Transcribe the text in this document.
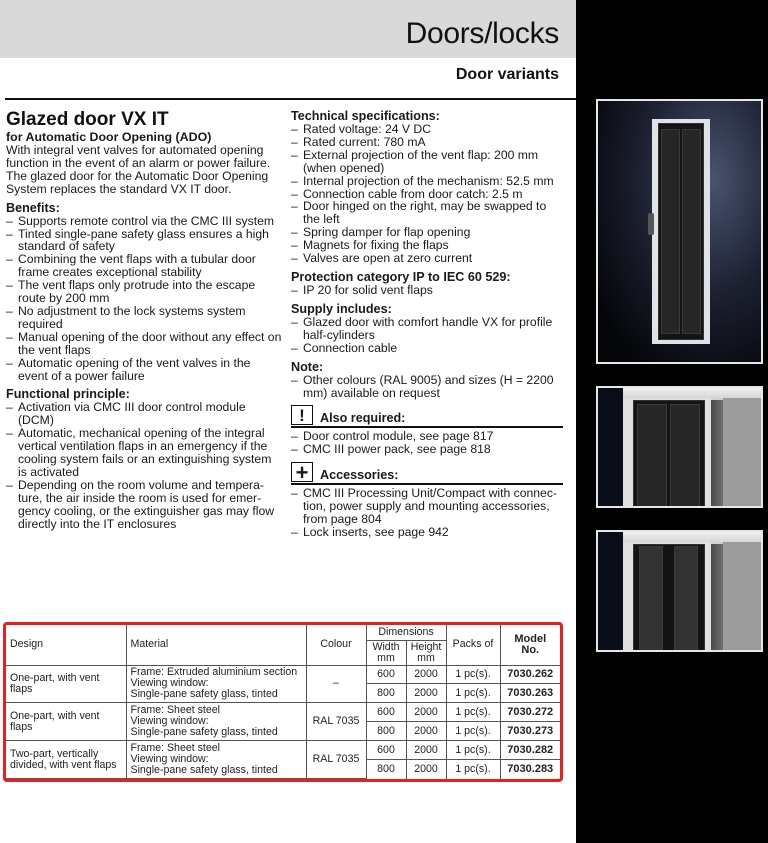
Doors/locks
Door variants
Glazed door VX IT
for Automatic Door Opening (ADO)
With integral vent valves for automated opening function in the event of an alarm or power failure. The glazed door for the Automatic Door Opening System replaces the standard VX IT door.
Benefits:
– Supports remote control via the CMC III system
– Tinted single-pane safety glass ensures a high standard of safety
– Combining the vent flaps with a tubular door frame creates exceptional stability
– The vent flaps only protrude into the escape route by 200 mm
– No adjustment to the lock systems system required
– Manual opening of the door without any effect on the vent flaps
– Automatic opening of the vent valves in the event of a power failure
Functional principle:
– Activation via CMC III door control module (DCM)
– Automatic, mechanical opening of the integral vertical ventilation flaps in an emergency if the cooling system fails or an extinguishing system is activated
– Depending on the room volume and tempera-ture, the air inside the room is used for emer-gency cooling, or the extinguisher gas may flow directly into the IT enclosures
Technical specifications:
– Rated voltage: 24 V DC
– Rated current: 780 mA
– External projection of the vent flap: 200 mm (when opened)
– Internal projection of the mechanism: 52.5 mm
– Connection cable from door catch: 2.5 m
– Door hinged on the right, may be swapped to the left
– Spring damper for flap opening
– Magnets for fixing the flaps
– Valves are open at zero current
Protection category IP to IEC 60 529:
– IP 20 for solid vent flaps
Supply includes:
– Glazed door with comfort handle VX for profile half-cylinders
– Connection cable
Note:
– Other colours (RAL 9005) and sizes (H = 2200 mm) available on request
!	Also required:
– Door control module, see page 817
– CMC III power pack, see page 818
+ Accessories:
– CMC III Processing Unit/Compact with connec-tion, power supply and mounting accessories, from page 804
– Lock inserts, see page 942
Design	Material	Colour	Dimensions		Packs of	Model No.
			Width mm	Height mm		
One-part, with vent flaps	Frame: Extruded aluminium section
Viewing window:
Single-pane safety glass, tinted	–	600	2000	1 pc(s).	7030.262
			800	2000	1 pc(s).	7030.263
One-part, with vent flaps	Frame: Sheet steel
Viewing window:
Single-pane safety glass, tinted	RAL 7035	600	2000	1 pc(s).	7030.272
			800	2000	1 pc(s).	7030.273
Two-part, vertically divided, with vent flaps	Frame: Sheet steel
Viewing window:
Single-pane safety glass, tinted	RAL 7035	600	2000	1 pc(s).	7030.282
			800	2000	1 pc(s).	7030.283
